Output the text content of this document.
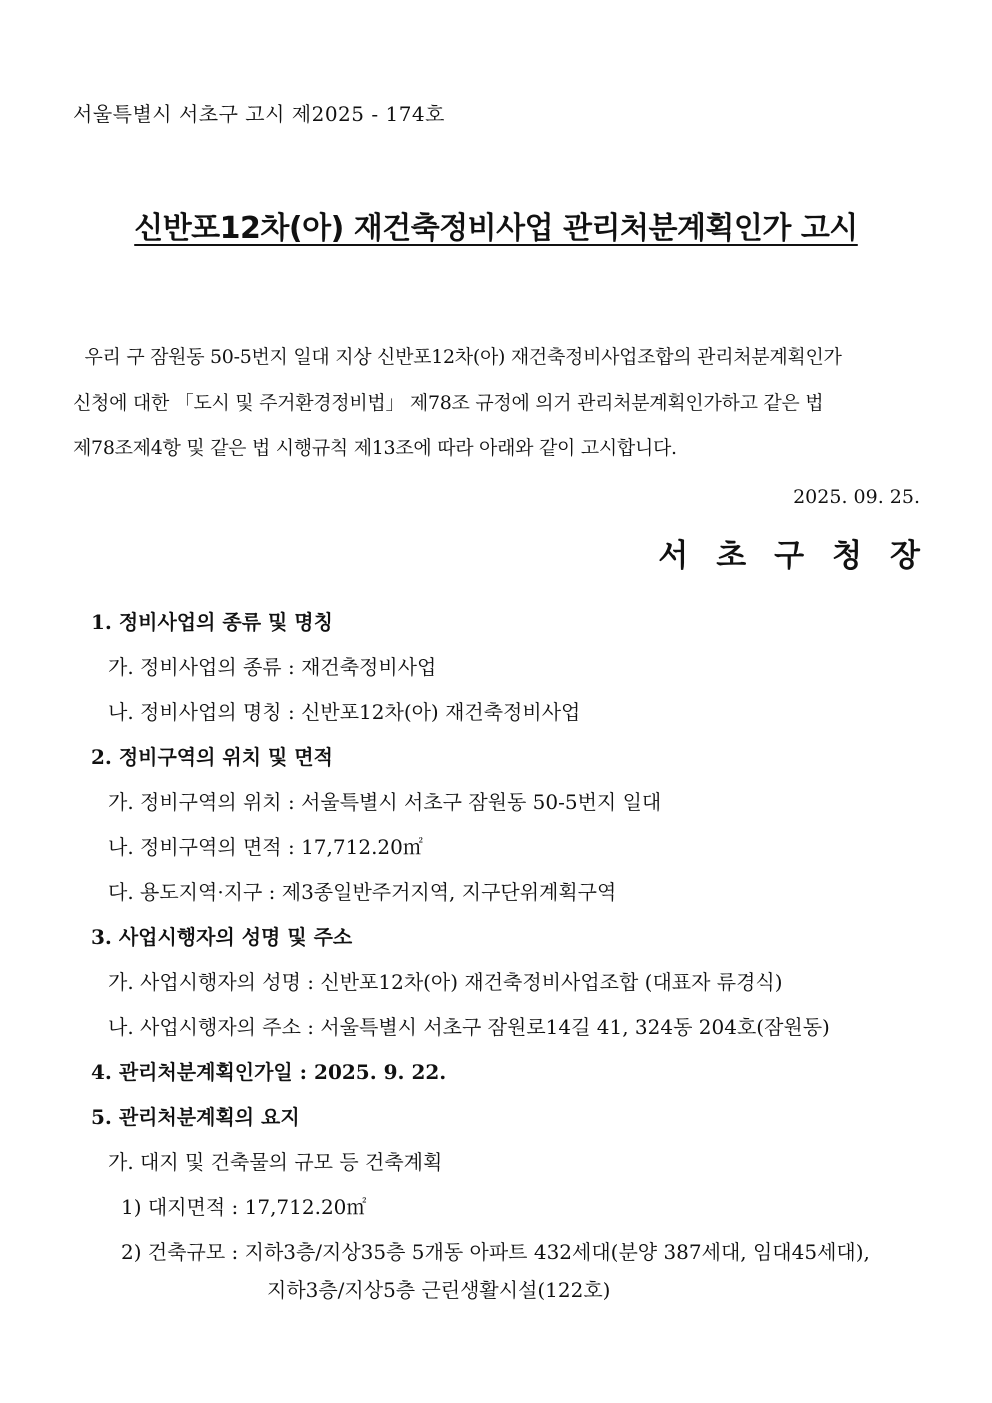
서울특별시 서초구 고시 제2025 - 174호
신반포12차(아) 재건축정비사업 관리처분계획인가 고시
우리 구 잠원동 50-5번지 일대 지상 신반포12차(아) 재건축정비사업조합의 관리처분계획인가
신청에 대한 「도시 및 주거환경정비법」 제78조 규정에 의거 관리처분계획인가하고 같은 법
제78조제4항 및 같은 법 시행규칙 제13조에 따라 아래와 같이 고시합니다.
2025. 09. 25.
서초구청장
1. 정비사업의 종류 및 명칭
가. 정비사업의 종류 : 재건축정비사업
나. 정비사업의 명칭 : 신반포12차(아) 재건축정비사업
2. 정비구역의 위치 및 면적
가. 정비구역의 위치 : 서울특별시 서초구 잠원동 50-5번지 일대
나. 정비구역의 면적 : 17,712.20㎡
다. 용도지역·지구 : 제3종일반주거지역, 지구단위계획구역
3. 사업시행자의 성명 및 주소
가. 사업시행자의 성명 : 신반포12차(아) 재건축정비사업조합 (대표자 류경식)
나. 사업시행자의 주소 : 서울특별시 서초구 잠원로14길 41, 324동 204호(잠원동)
4. 관리처분계획인가일 : 2025. 9. 22.
5. 관리처분계획의 요지
가. 대지 및 건축물의 규모 등 건축계획
1) 대지면적 : 17,712.20㎡
2) 건축규모 : 지하3층/지상35층 5개동 아파트 432세대(분양 387세대, 임대45세대),
지하3층/지상5층 근린생활시설(122호)
